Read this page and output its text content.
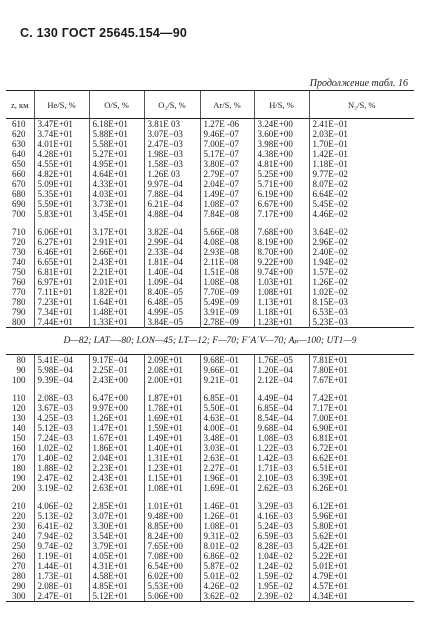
С. 130 ГОСТ 25645.154—90
Продолжение табл. 16
z, км	He/S, %	O/S, %	O₂/S, %	Ar/S, %	H/S, %	N₂/S, %
610	3.47E+01	6.18E+01	3.81E 03	1.27E -06	3.24E+00	2.41E−01
620	3.74E+01	5.88E+01	3.07E−03	9.46E−07	3.60E+00	2.03E−01
630	4.01E+01	5.58E+01	2.47E−03	7.00E−07	3.98E+00	1.70E−01
640	4.28E+01	5.27E+01	1.98E−03	5.17E−07	4.38E+00	1.42E−01
650	4.55E+01	4.95E+01	1.58E−03	3.80E−07	4.81E+00	1.18E−01
660	4.82E+01	4.64E+01	1.26E 03	2.79E−07	5.25E+00	9.77E−02
670	5.09E+01	4.33E+01	9.97E−04	2.04E−07	5.71E+00	8.07E−02
680	5.35E+01	4.03E+01	7.88E−04	1.49E−07	6.19E+00	6.64E−02
690	5.59E+01	3.73E+01	6.21E−04	1.08E−07	6.67E+00	5.45E−02
700	5.83E+01	3.45E+01	4.88E−04	7.84E−08	7.17E+00	4.46E−02

710	6.06E+01	3.17E+01	3.82E−04	5.66E−08	7.68E+00	3.64E−02
720	6.27E+01	2.91E+01	2.99E−04	4.08E−08	8.19E+00	2.96E−02
730	6.46E+01	2.66E+01	2.33E−04	2.93E−08	8.70E+00	2.40E−02
740	6.65E+01	2.43E+01	1.81E−04	2.11E−08	9.22E+00	1.94E−02
750	6.81E+01	2.21E+01	1.40E−04	1.51E−08	9.74E+00	1.57E−02
760	6.97E+01	2.01E+01	1.09E−04	1.08E−08	1.03E+01	1.26E−02
770	7.11E+01	1.82E+01	8.40E−05	7.70E−09	1.08E+01	1.02E−02
780	7.23E+01	1.64E+01	6.48E−05	5.49E−09	1.13E+01	8.15E−03
790	7.34E+01	1.48E+01	4.99E−05	3.91E−09	1.18E+01	6.53E−03
800	7.44E+01	1.33E+01	3.84E−05	2.78E−09	1.23E+01	5.23E−03
D—82; LAT—-80; LON—45; LT—12; F—70; F΄A΄V—70; Aₚ—100; UT1—9						
80	5.41E−04	9.17E−04	2.09E+01	9.68E−01	1.76E−05	7.81E+01
90	5.98E−04	2.25E−01	2.08E+01	9.66E−01	1.20E−04	7.80E+01
100	9.39E−04	2.43E+00	2.00E+01	9.21E−01	2.12E−04	7.67E+01

110	2.08E−03	6.47E+00	1.87E+01	6.85E−01	4.49E−04	7.42E+01
120	3.67E−03	9.97E+00	1.78E+01	5.50E−01	6.85E−04	7.17E+01
130	4.25E−03	1.26E+01	1.69E+01	4.63E−01	8.54E−04	7.00E+01
140	5.12E−03	1.47E+01	1.59E+01	4.00E−01	9.68E−04	6.90E+01
150	7.24E−03	1.67E+01	1.49E+01	3.48E−01	1.08E−03	6.81E+01
160	1.02E−02	1.86E+01	1.40E+01	3.03E−01	1.22E−03	6.72E+01
170	1.40E−02	2.04E+01	1.31E+01	2.63E−01	1.42E−03	6.62E+01
180	1.88E−02	2.23E+01	1.23E+01	2.27E−01	1.71E−03	6.51E+01
190	2.47E−02	2.43E+01	1.15E+01	1.96E−01	2.10E−03	6.39E+01
200	3.19E−02	2.63E+01	1.08E+01	1.69E−01	2.62E−03	6.26E+01

210	4.06E−02	2.85E+01	1.01E+01	1.46E−01	3.29E−03	6.12E+01
220	5.13E−02	3.07E+01	9.48E+00	1.26E−01	4.16E−03	5.96E+01
230	6.41E−02	3.30E+01	8.85E+00	1.08E−01	5.24E−03	5.80E+01
240	7.94E−02	3.54E+01	8.24E+00	9.31E−02	6.59E−03	5.62E+01
250	9.74E−02	3.79E+01	7.65E+00	8.01E−02	8.28E−03	5.42E+01
260	1.19E−01	4.05E+01	7.08E+00	6.86E−02	1.04E−02	5.22E+01
270	1.44E−01	4.31E+01	6.54E+00	5.87E−02	1.24E−02	5.01E+01
280	1.73E−01	4.58E+01	6.02E+00	5.01E−02	1.59E−02	4.79E+01
290	2.08E−01	4.85E+01	5.53E+00	4.26E−02	1.95E−02	4.57E+01
300	2.47E−01	5.12E+01	5.06E+00	3.62E−02	2.39E−02	4.34E+01
